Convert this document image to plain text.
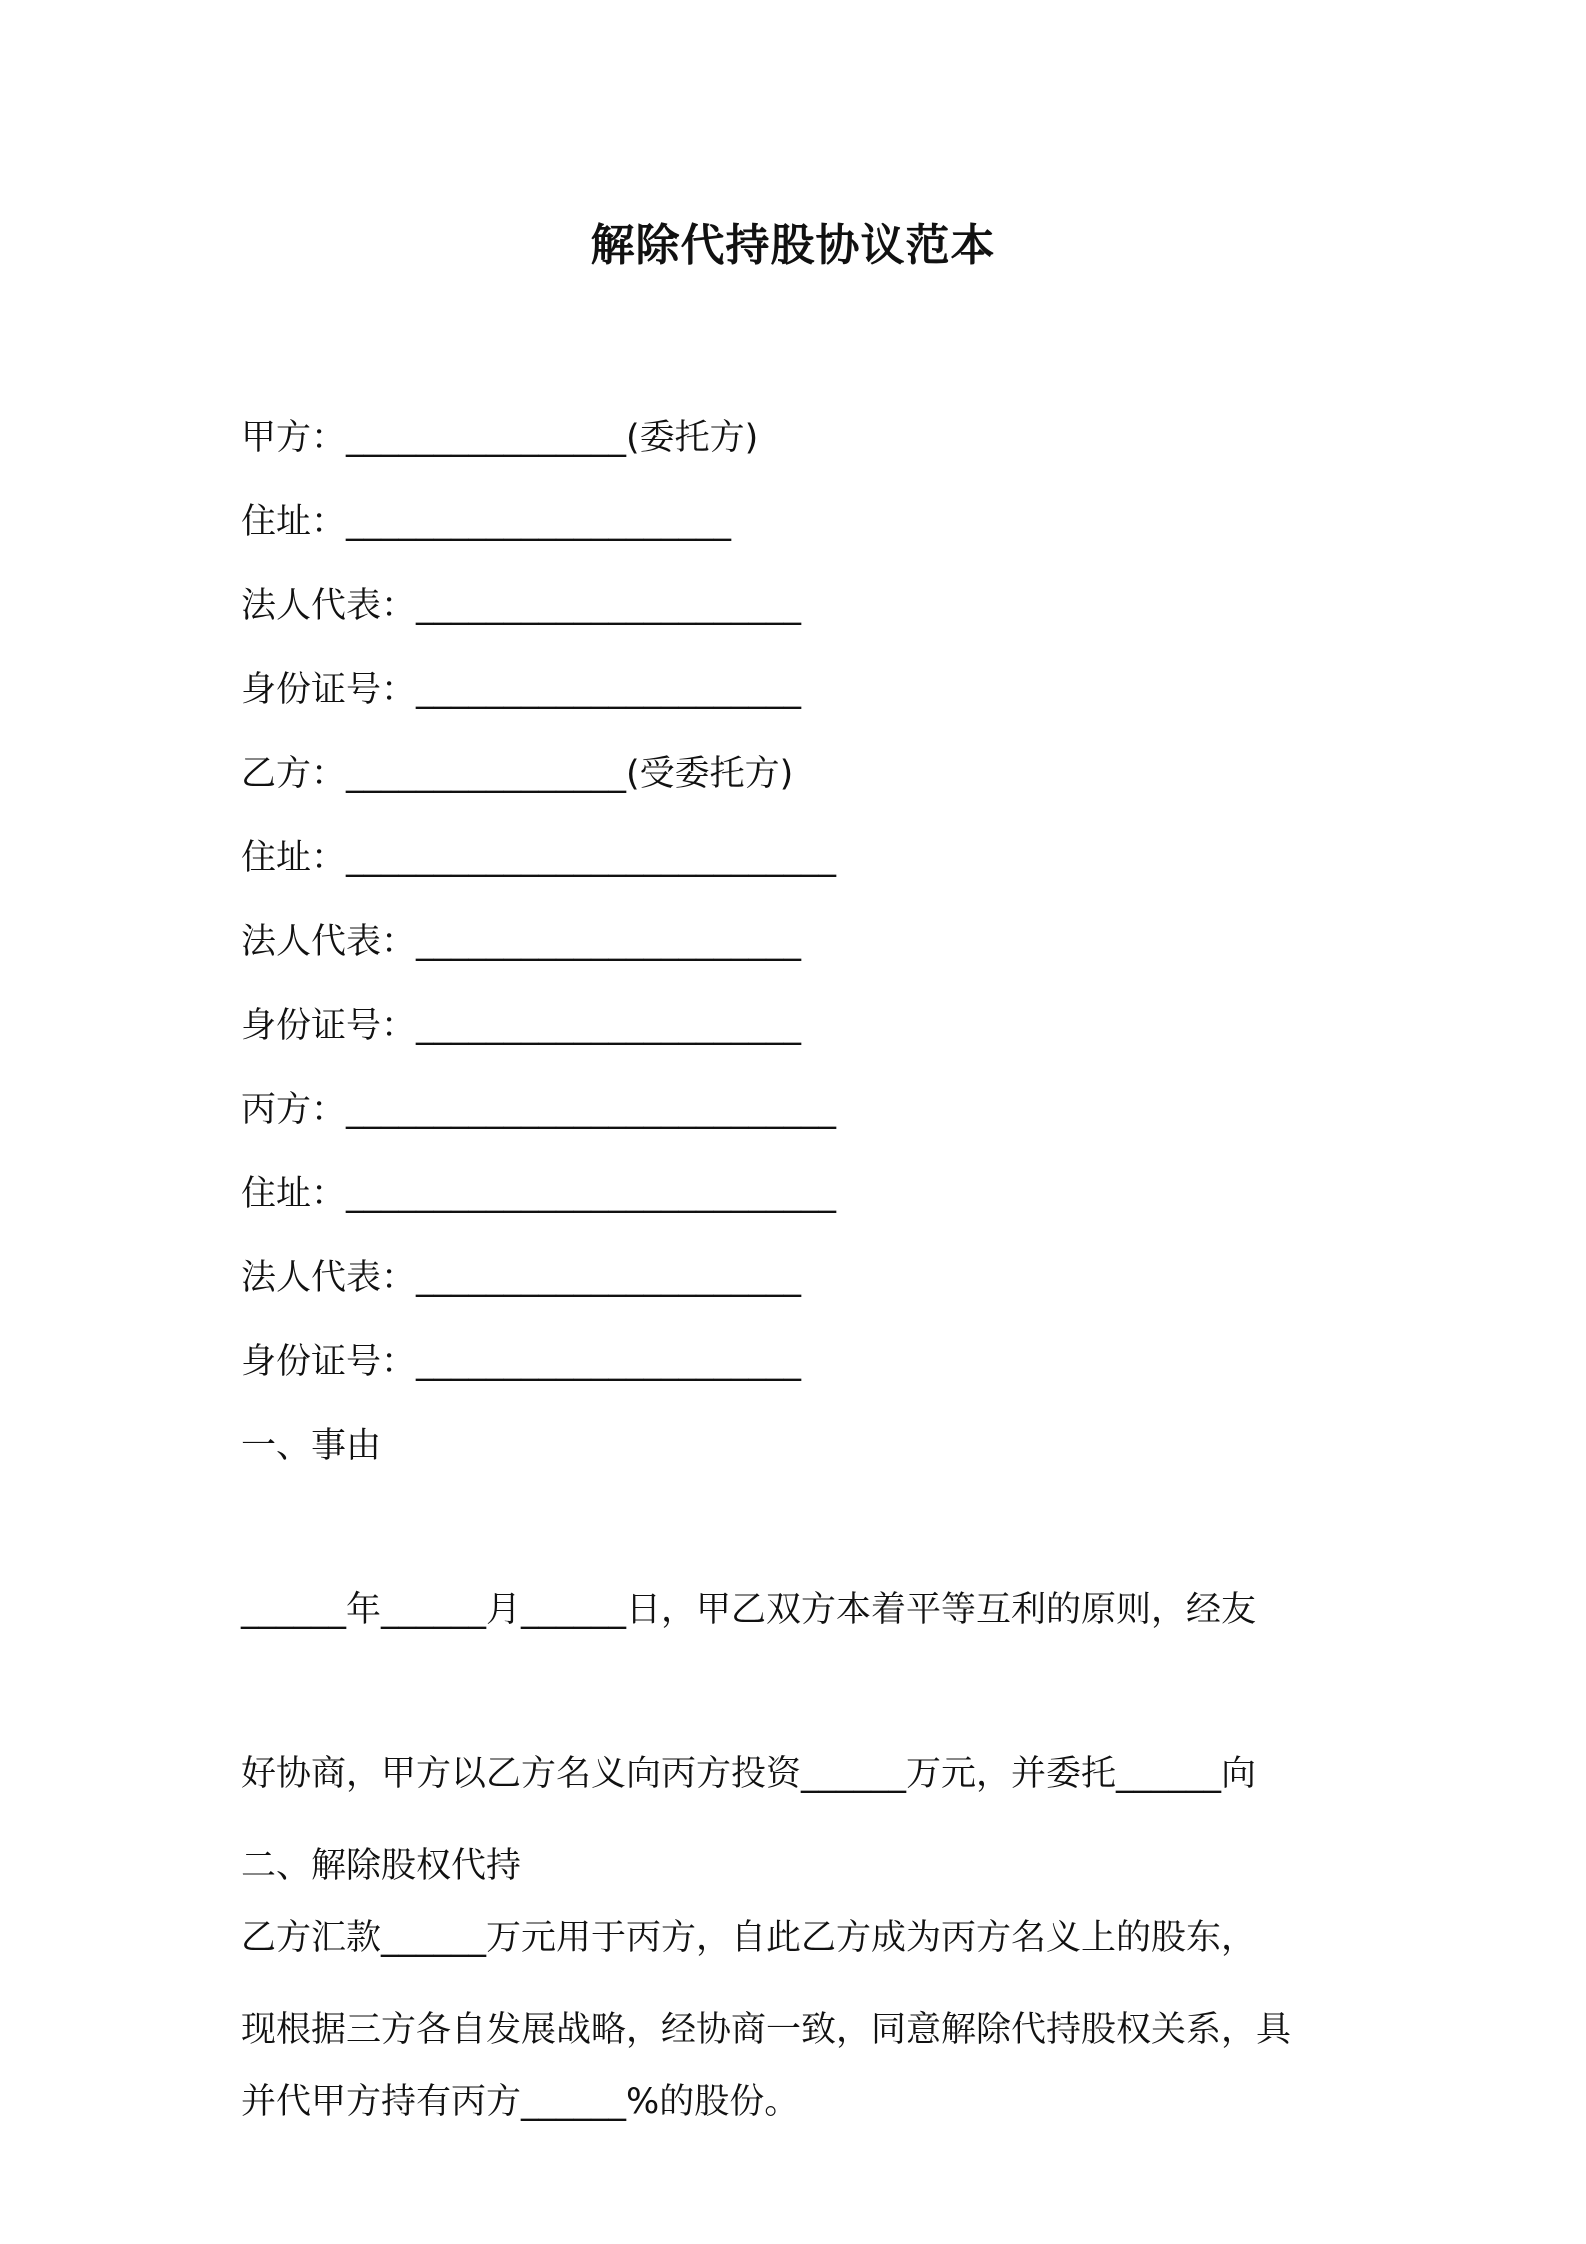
解除代持股协议范本
甲方：________________(委托方)
住址：______________________
法人代表：______________________
身份证号：______________________
乙方：________________(受委托方)
住址：____________________________
法人代表：______________________
身份证号：______________________
丙方：____________________________
住址：____________________________
法人代表：______________________
身份证号：______________________
一、事由

______年______月______日，甲乙双方本着平等互利的原则，经友

好协商，甲方以乙方名义向丙方投资______万元，并委托______向

乙方汇款______万元用于丙方，自此乙方成为丙方名义上的股东，

并代甲方持有丙方______%的股份。

二、解除股权代持

现根据三方各自发展战略，经协商一致，同意解除代持股权关系，具
